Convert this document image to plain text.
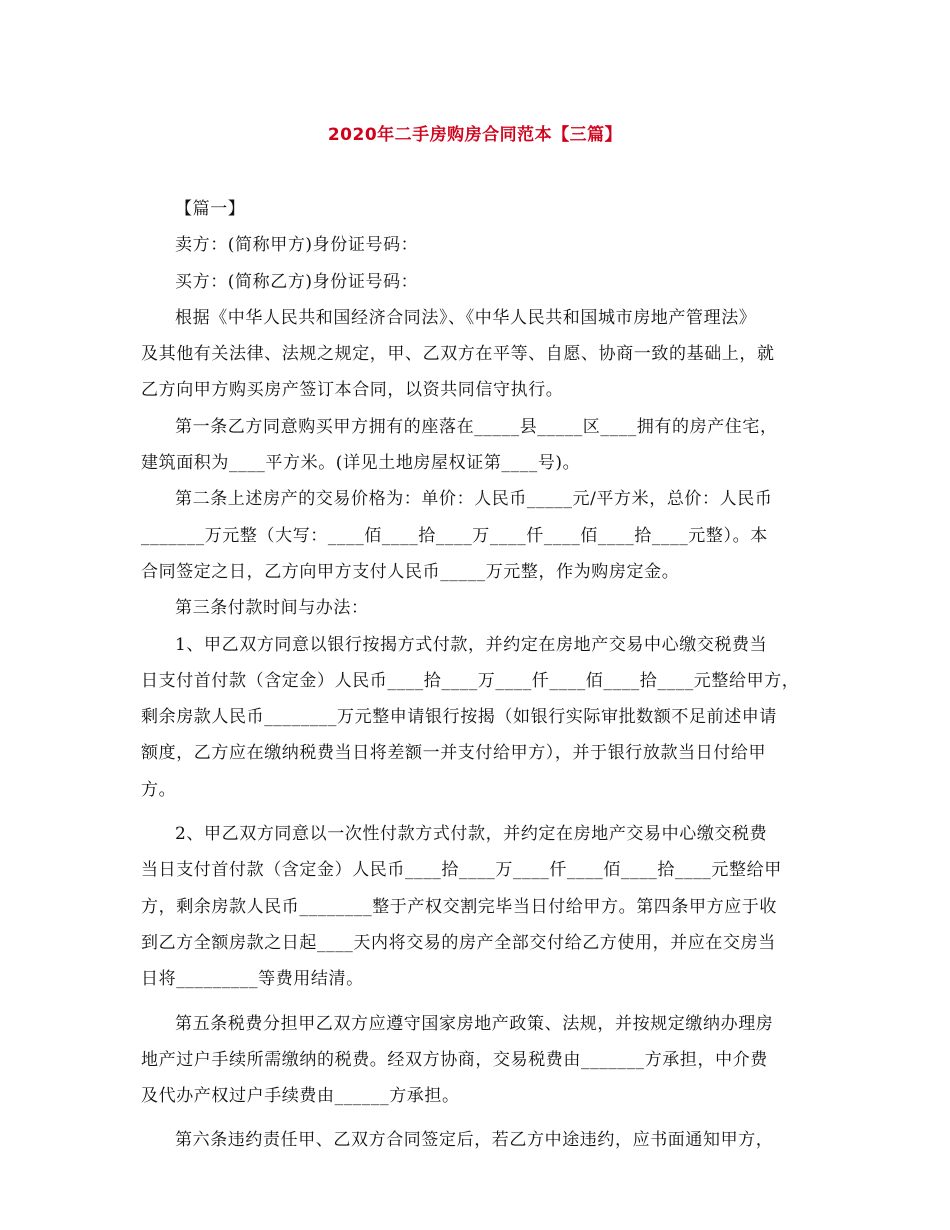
2020年二手房购房合同范本【三篇】
【篇一】
卖方：(简称甲方)身份证号码：
买方：(简称乙方)身份证号码：
根据《中华人民共和国经济合同法》、《中华人民共和国城市房地产管理法》
及其他有关法律、法规之规定，甲、乙双方在平等、自愿、协商一致的基础上，就
乙方向甲方购买房产签订本合同，以资共同信守执行。
第一条乙方同意购买甲方拥有的座落在_____县_____区____拥有的房产住宅，
建筑面积为____平方米。(详见土地房屋权证第____号)。
第二条上述房产的交易价格为：单价：人民币_____元/平方米，总价：人民币
_______万元整（大写：____佰____拾____万____仟____佰____拾____元整）。本
合同签定之日，乙方向甲方支付人民币_____万元整，作为购房定金。
第三条付款时间与办法：
1、甲乙双方同意以银行按揭方式付款，并约定在房地产交易中心缴交税费当
日支付首付款（含定金）人民币____拾____万____仟____佰____拾____元整给甲方，
剩余房款人民币________万元整申请银行按揭（如银行实际审批数额不足前述申请
额度，乙方应在缴纳税费当日将差额一并支付给甲方），并于银行放款当日付给甲
方。
2、甲乙双方同意以一次性付款方式付款，并约定在房地产交易中心缴交税费
当日支付首付款（含定金）人民币____拾____万____仟____佰____拾____元整给甲
方，剩余房款人民币________整于产权交割完毕当日付给甲方。第四条甲方应于收
到乙方全额房款之日起____天内将交易的房产全部交付给乙方使用，并应在交房当
日将_________等费用结清。
第五条税费分担甲乙双方应遵守国家房地产政策、法规，并按规定缴纳办理房
地产过户手续所需缴纳的税费。经双方协商，交易税费由_______方承担，中介费
及代办产权过户手续费由______方承担。
第六条违约责任甲、乙双方合同签定后，若乙方中途违约，应书面通知甲方，
